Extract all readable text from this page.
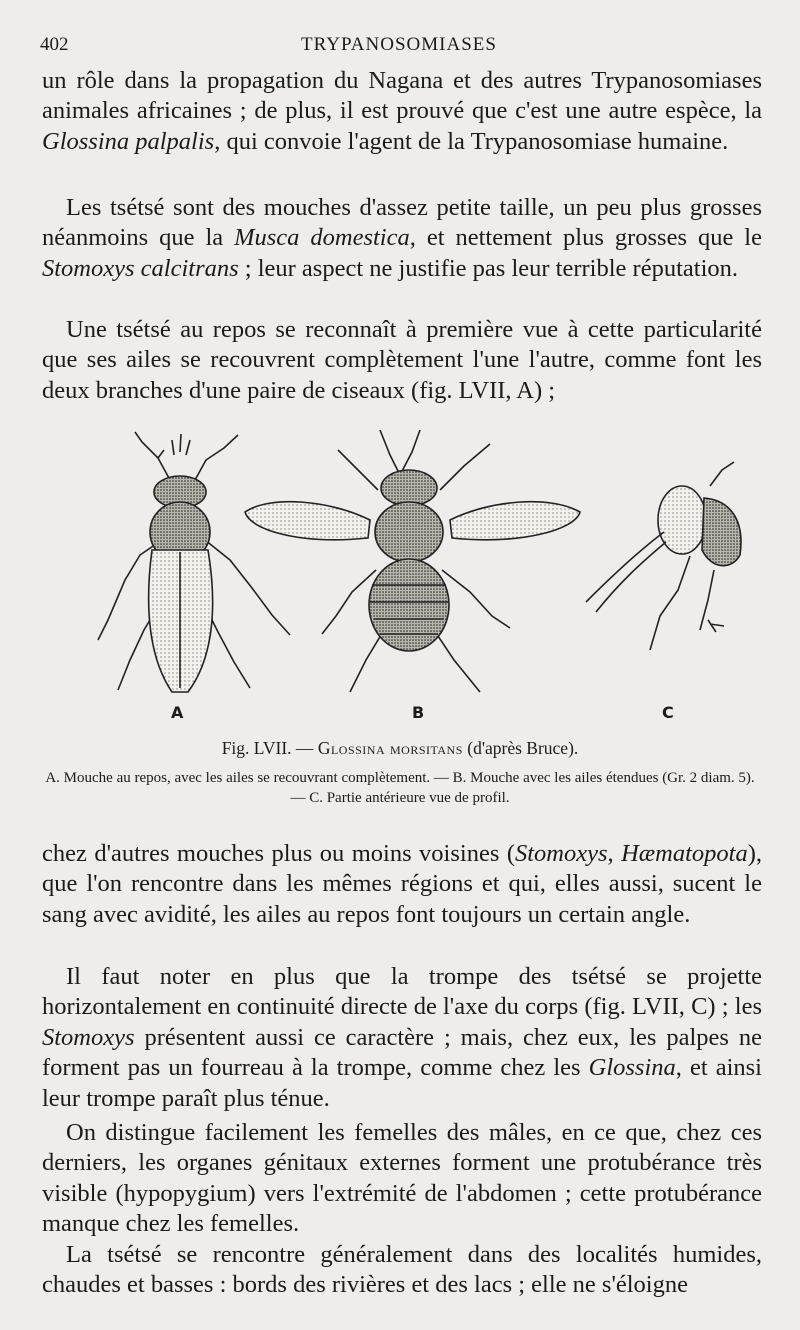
402	TRYPANOSOMIASES

un rôle dans la propagation du Nagana et des autres Trypanosomiases animales africaines ; de plus, il est prouvé que c'est une autre espèce, la Glossina palpalis, qui convoie l'agent de la Trypanosomiase humaine.

Les tsétsé sont des mouches d'assez petite taille, un peu plus grosses néanmoins que la Musca domestica, et nettement plus grosses que le Stomoxys calcitrans ; leur aspect ne justifie pas leur terrible réputation.

Une tsétsé au repos se reconnaît à première vue à cette particularité que ses ailes se recouvrent complètement l'une l'autre, comme font les deux branches d'une paire de ciseaux (fig. LVII, A) ;

A	B	C
Fig. LVII. — Glossina morsitans (d'après Bruce).
A. Mouche au repos, avec les ailes se recouvrant complètement. — B. Mouche avec les ailes étendues (Gr. 2 diam. 5). — C. Partie antérieure vue de profil.

chez d'autres mouches plus ou moins voisines (Stomoxys, Hæmatopota), que l'on rencontre dans les mêmes régions et qui, elles aussi, sucent le sang avec avidité, les ailes au repos font toujours un certain angle.

Il faut noter en plus que la trompe des tsétsé se projette horizontalement en continuité directe de l'axe du corps (fig. LVII, C) ; les Stomoxys présentent aussi ce caractère ; mais, chez eux, les palpes ne forment pas un fourreau à la trompe, comme chez les Glossina, et ainsi leur trompe paraît plus ténue.

On distingue facilement les femelles des mâles, en ce que, chez ces derniers, les organes génitaux externes forment une protubérance très visible (hypopygium) vers l'extrémité de l'abdomen ; cette protubérance manque chez les femelles.

La tsétsé se rencontre généralement dans des localités humides, chaudes et basses : bords des rivières et des lacs ; elle ne s'éloigne
